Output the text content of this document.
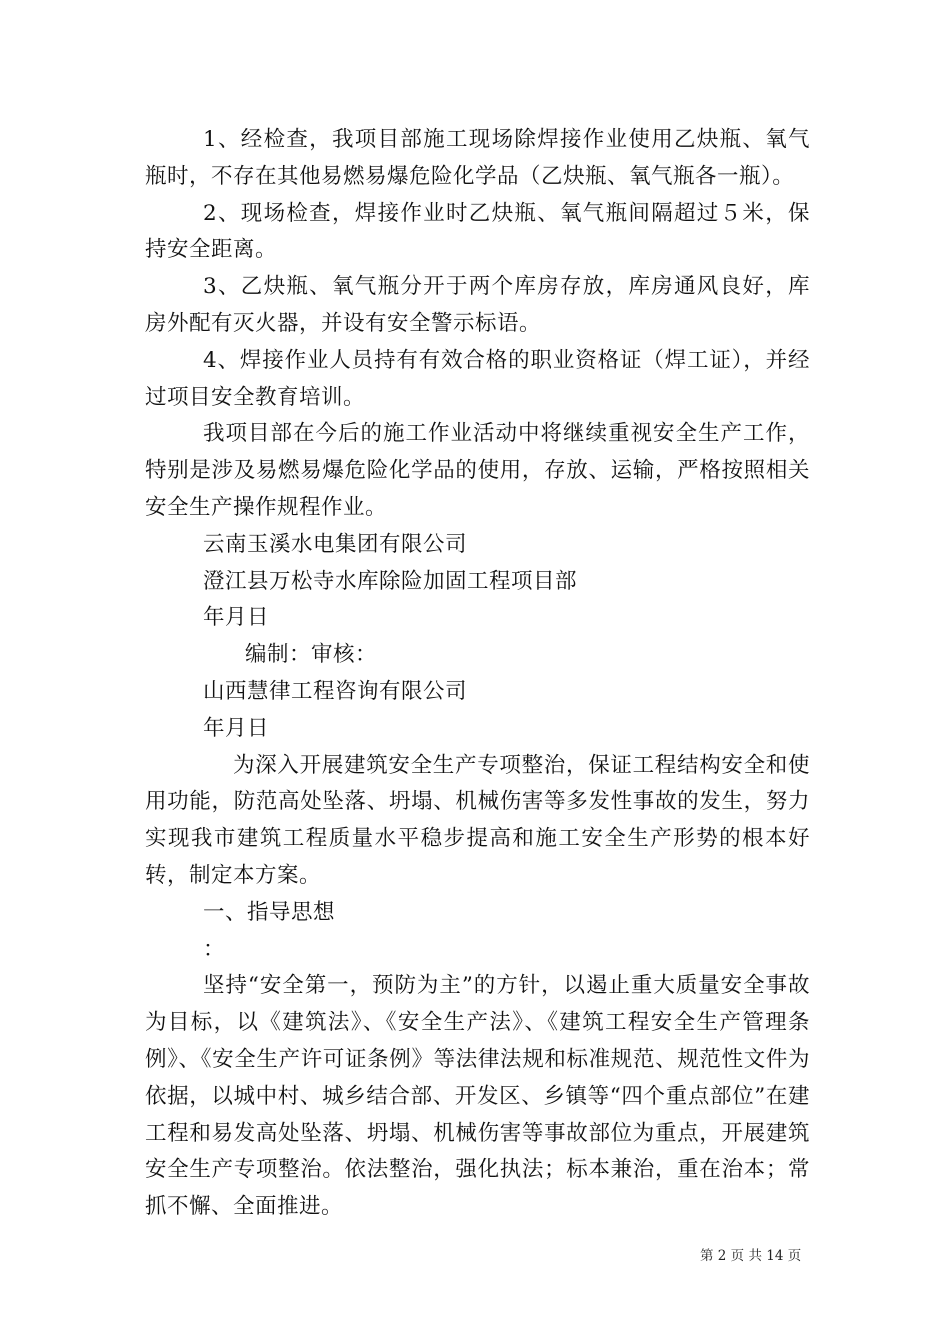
1、经检查，我项目部施工现场除焊接作业使用乙炔瓶、氧气瓶时，不存在其他易燃易爆危险化学品（乙炔瓶、氧气瓶各一瓶）。

2、现场检查，焊接作业时乙炔瓶、氧气瓶间隔超过５米，保持安全距离。

3、乙炔瓶、氧气瓶分开于两个库房存放，库房通风良好，库房外配有灭火器，并设有安全警示标语。

4、焊接作业人员持有有效合格的职业资格证（焊工证），并经过项目安全教育培训。

我项目部在今后的施工作业活动中将继续重视安全生产工作，特别是涉及易燃易爆危险化学品的使用，存放、运输，严格按照相关安全生产操作规程作业。

云南玉溪水电集团有限公司

澄江县万松寺水库除险加固工程项目部

年月日

编制：审核：

山西慧律工程咨询有限公司

年月日

为深入开展建筑安全生产专项整治，保证工程结构安全和使用功能，防范高处坠落、坍塌、机械伤害等多发性事故的发生，努力实现我市建筑工程质量水平稳步提高和施工安全生产形势的根本好转，制定本方案。

一、指导思想

：

坚持“安全第一，预防为主”的方针，以遏止重大质量安全事故为目标，以《建筑法》、《安全生产法》、《建筑工程安全生产管理条例》、《安全生产许可证条例》等法律法规和标准规范、规范性文件为依据，以城中村、城乡结合部、开发区、乡镇等“四个重点部位”在建工程和易发高处坠落、坍塌、机械伤害等事故部位为重点，开展建筑安全生产专项整治。依法整治，强化执法；标本兼治，重在治本；常抓不懈、全面推进。

第 2 页 共 14 页
